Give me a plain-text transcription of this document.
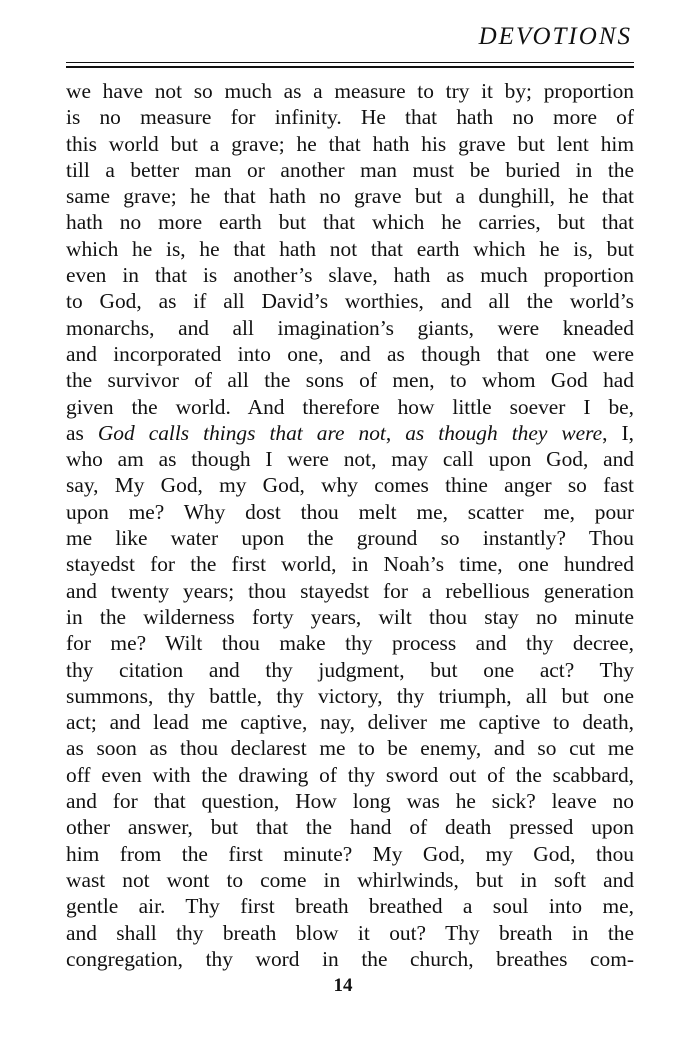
DEVOTIONS
we have not so much as a measure to try it by; proportion
is no measure for infinity. He that hath no more of
this world but a grave; he that hath his grave but lent him
till a better man or another man must be buried in the
same grave; he that hath no grave but a dunghill, he that
hath no more earth but that which he carries, but that
which he is, he that hath not that earth which he is, but
even in that is another’s slave, hath as much proportion
to God, as if all David’s worthies, and all the world’s
monarchs, and all imagination’s giants, were kneaded
and incorporated into one, and as though that one were
the survivor of all the sons of men, to whom God had
given the world. And therefore how little soever I be,
as God calls things that are not, as though they were, I,
who am as though I were not, may call upon God, and
say, My God, my God, why comes thine anger so fast
upon me? Why dost thou melt me, scatter me, pour
me like water upon the ground so instantly? Thou
stayedst for the first world, in Noah’s time, one hundred
and twenty years; thou stayedst for a rebellious generation
in the wilderness forty years, wilt thou stay no minute
for me? Wilt thou make thy process and thy decree,
thy citation and thy judgment, but one act? Thy
summons, thy battle, thy victory, thy triumph, all but one
act; and lead me captive, nay, deliver me captive to death,
as soon as thou declarest me to be enemy, and so cut me
off even with the drawing of thy sword out of the scabbard,
and for that question, How long was he sick? leave no
other answer, but that the hand of death pressed upon
him from the first minute? My God, my God, thou
wast not wont to come in whirlwinds, but in soft and
gentle air. Thy first breath breathed a soul into me,
and shall thy breath blow it out? Thy breath in the
congregation, thy word in the church, breathes com-
14
